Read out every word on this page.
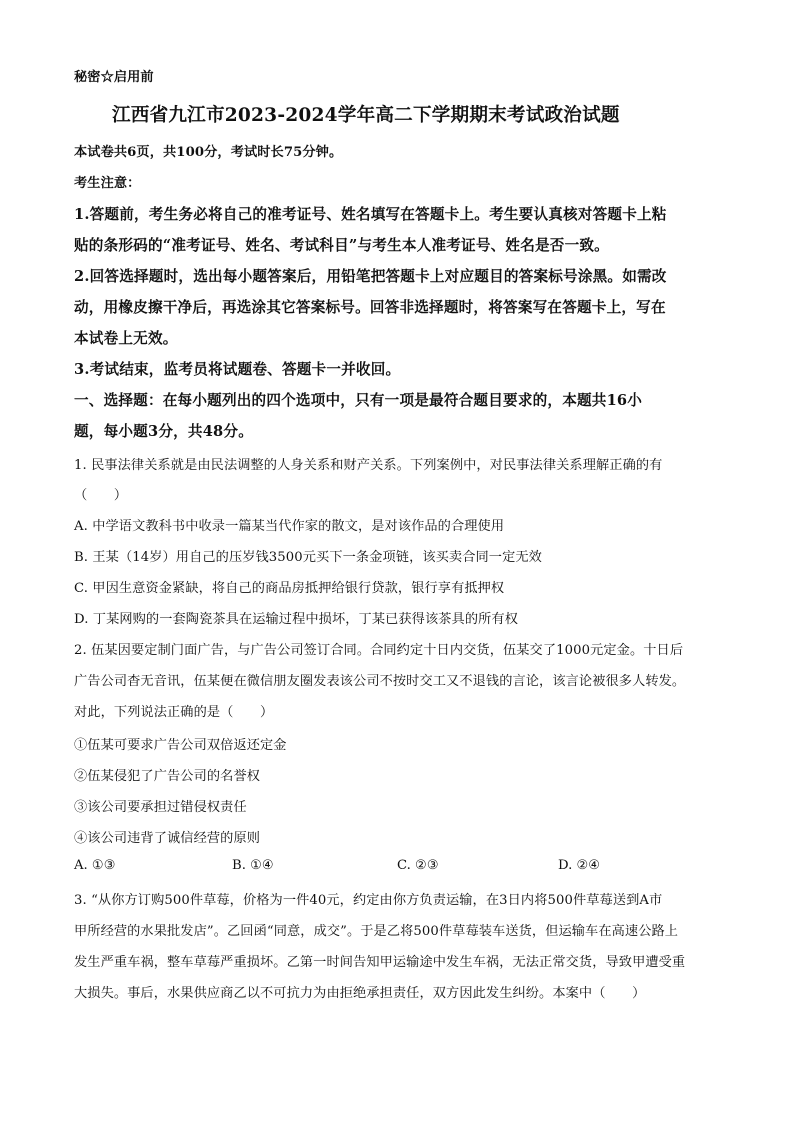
秘密☆启用前
江西省九江市2023-2024学年高二下学期期末考试政治试题
本试卷共6页，共100分，考试时长75分钟。
考生注意：
1.答题前，考生务必将自己的准考证号、姓名填写在答题卡上。考生要认真核对答题卡上粘
贴的条形码的“准考证号、姓名、考试科目”与考生本人准考证号、姓名是否一致。
2.回答选择题时，选出每小题答案后，用铅笔把答题卡上对应题目的答案标号涂黑。如需改
动，用橡皮擦干净后，再选涂其它答案标号。回答非选择题时，将答案写在答题卡上，写在
本试卷上无效。
3.考试结束，监考员将试题卷、答题卡一并收回。
一、选择题：在每小题列出的四个选项中，只有一项是最符合题目要求的，本题共16小
题，每小题3分，共48分。
1. 民事法律关系就是由民法调整的人身关系和财产关系。下列案例中，对民事法律关系理解正确的有
（　　）
A. 中学语文教科书中收录一篇某当代作家的散文，是对该作品的合理使用
B. 王某（14岁）用自己的压岁钱3500元买下一条金项链，该买卖合同一定无效
C. 甲因生意资金紧缺，将自己的商品房抵押给银行贷款，银行享有抵押权
D. 丁某网购的一套陶瓷茶具在运输过程中损坏，丁某已获得该茶具的所有权
2. 伍某因要定制门面广告，与广告公司签订合同。合同约定十日内交货，伍某交了1000元定金。十日后
广告公司杳无音讯，伍某便在微信朋友圈发表该公司不按时交工又不退钱的言论，该言论被很多人转发。
对此，下列说法正确的是（　　）
①伍某可要求广告公司双倍返还定金
②伍某侵犯了广告公司的名誉权
③该公司要承担过错侵权责任
④该公司违背了诚信经营的原则
A. ①③	B. ①④	C. ②③	D. ②④
3. “从你方订购500件草莓，价格为一件40元，约定由你方负责运输，在3日内将500件草莓送到A市
甲所经营的水果批发店”。乙回函“同意，成交”。于是乙将500件草莓装车送货，但运输车在高速公路上
发生严重车祸，整车草莓严重损坏。乙第一时间告知甲运输途中发生车祸，无法正常交货，导致甲遭受重
大损失。事后，水果供应商乙以不可抗力为由拒绝承担责任，双方因此发生纠纷。本案中（　　）
